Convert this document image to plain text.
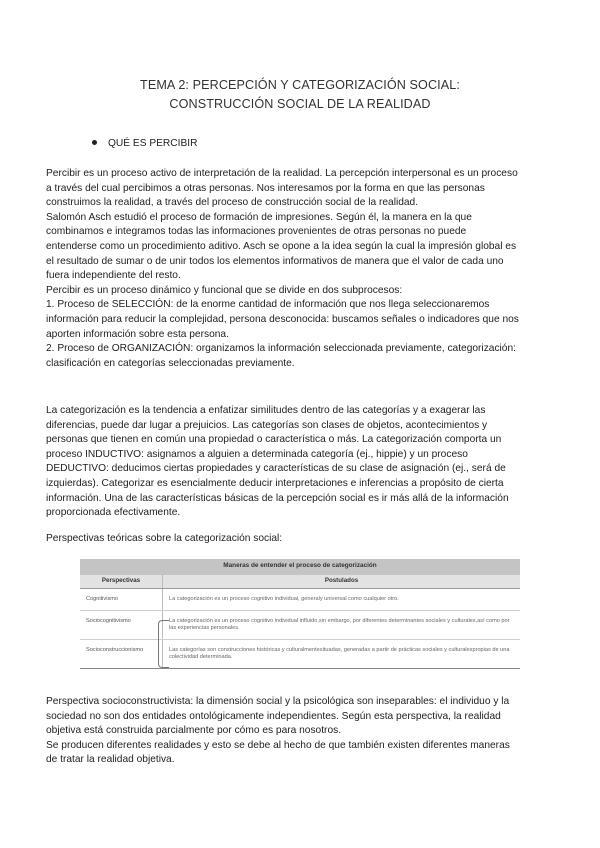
TEMA 2: PERCEPCIÓN Y CATEGORIZACIÓN SOCIAL:
CONSTRUCCIÓN SOCIAL DE LA REALIDAD
QUÉ ES PERCIBIR
Percibir es un proceso activo de interpretación de la realidad. La percepción interpersonal es un proceso
a través del cual percibimos a otras personas. Nos interesamos por la forma en que las personas
construimos la realidad, a través del proceso de construcción social de la realidad.
Salomón Asch estudió el proceso de formación de impresiones. Según él, la manera en la que
combinamos e integramos todas las informaciones provenientes de otras personas no puede
entenderse como un procedimiento aditivo. Asch se opone a la idea según la cual la impresión global es
el resultado de sumar o de unir todos los elementos informativos de manera que el valor de cada uno
fuera independiente del resto.
Percibir es un proceso dinámico y funcional que se divide en dos subprocesos:
1. Proceso de SELECCIÓN: de la enorme cantidad de información que nos llega seleccionaremos
información para reducir la complejidad, persona desconocida: buscamos señales o indicadores que nos
aporten información sobre esta persona.
2. Proceso de ORGANIZACIÓN: organizamos la información seleccionada previamente, categorización:
clasificación en categorías seleccionadas previamente.
La categorización es la tendencia a enfatizar similitudes dentro de las categorías y a exagerar las
diferencias, puede dar lugar a prejuicios. Las categorías son clases de objetos, acontecimientos y
personas que tienen en común una propiedad o característica o más. La categorización comporta un
proceso INDUCTIVO: asignamos a alguien a determinada categoría (ej., hippie) y un proceso
DEDUCTIVO: deducimos ciertas propiedades y características de su clase de asignación (ej., será de
izquierdas). Categorizar es esencialmente deducir interpretaciones e inferencias a propósito de cierta
información. Una de las características básicas de la percepción social es ir más allá de la información
proporcionada efectivamente.
Perspectivas teóricas sobre la categorización social:
Maneras de entender el proceso de categorización	
Perspectivas	Postulados
Cognitivismo	La categorización es un proceso cognitivo individual, generaly universal como cualquier otro.
Sociocognitivismo	La categorización es un proceso cognitivo individual influido,sin embargo, por diferentes determinantes sociales y culturales,así como por las experiencias personales.
Socioconstruccionismo	Las categorías son construcciones históricas y culturalmentesituadas, generadas a partir de prácticas sociales y culturalespropias de una colectividad determinada.
Perspectiva socioconstructivista: la dimensión social y la psicológica son inseparables: el individuo y la
sociedad no son dos entidades ontológicamente independientes. Según esta perspectiva, la realidad
objetiva está construida parcialmente por cómo es para nosotros.
Se producen diferentes realidades y esto se debe al hecho de que también existen diferentes maneras
de tratar la realidad objetiva.
